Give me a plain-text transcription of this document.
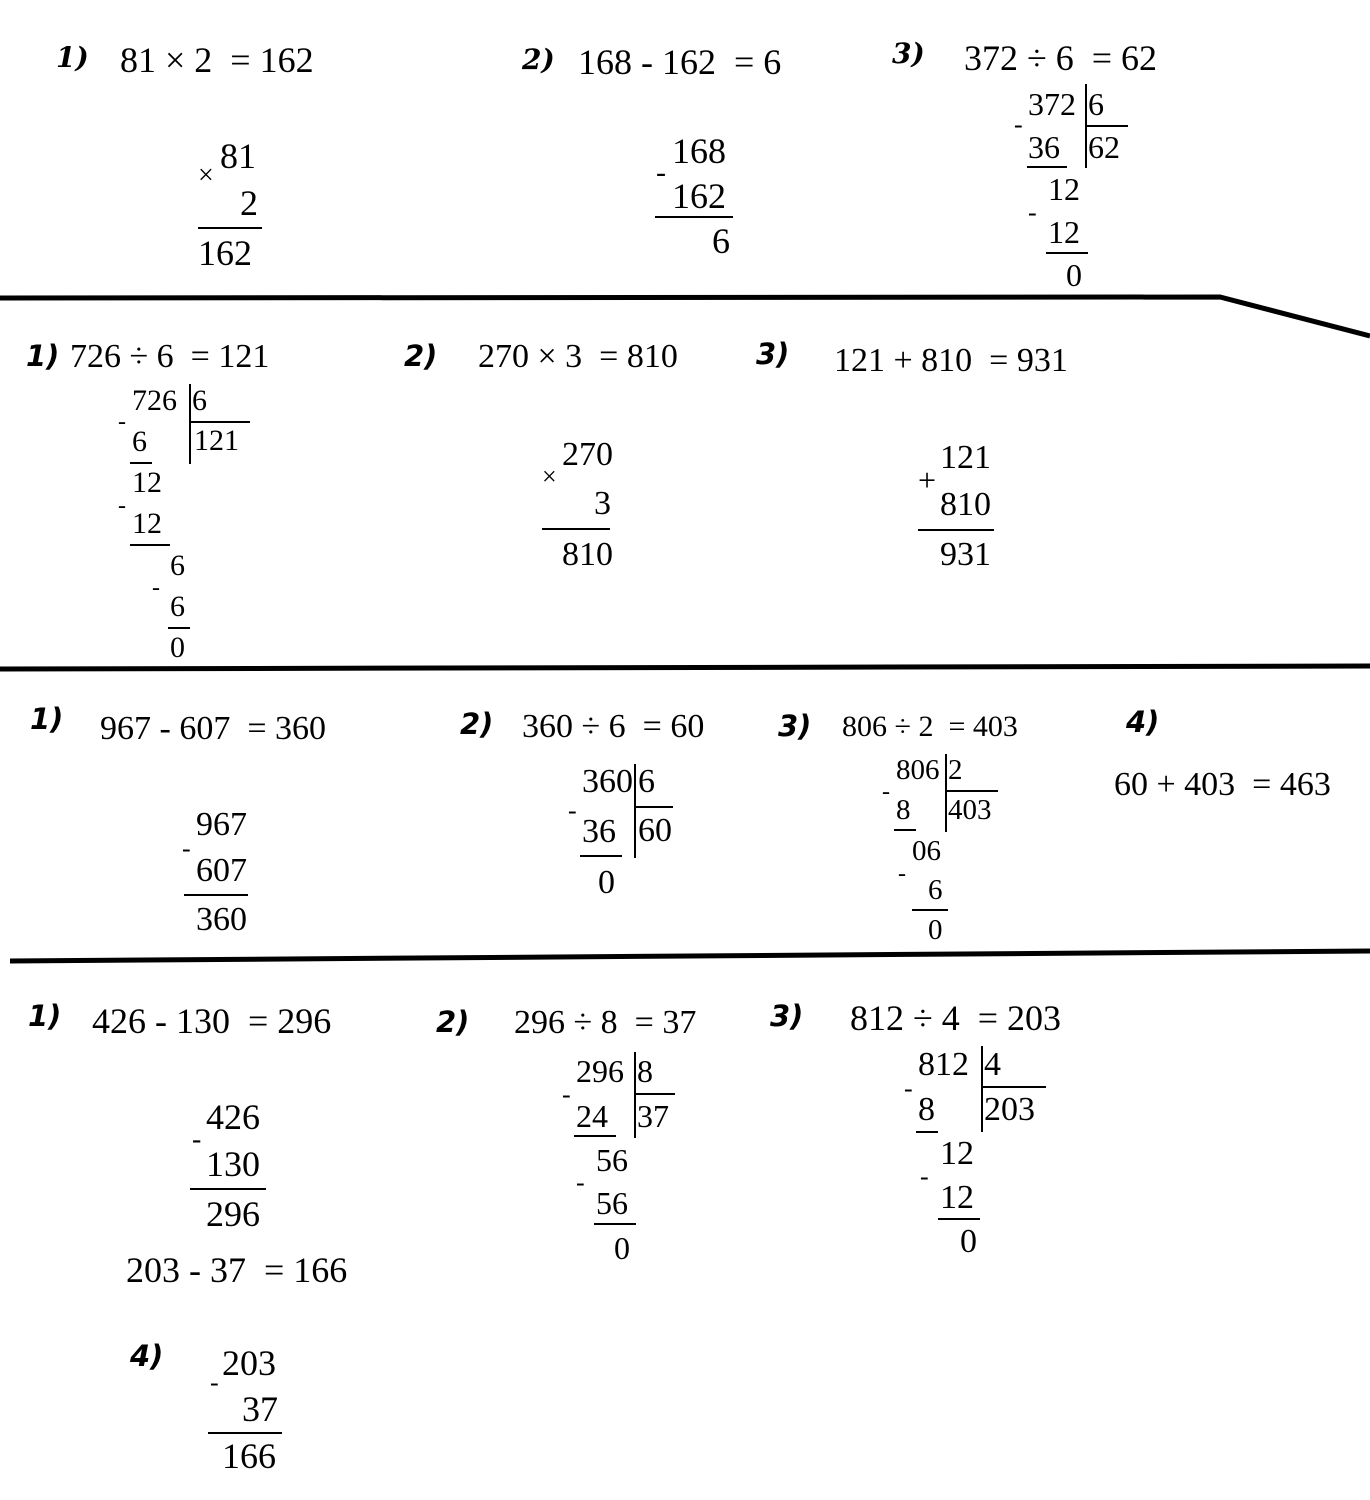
1) 81 × 2  = 162
81
×
2
162
2) 168 - 162  = 6
168
-
162
6
3) 372 ÷ 6  = 62
372 6
62
-
36
12
-
12
0
1) 726 ÷ 6  = 121
726 6
121
-
6
12
-
12
6
-
6
0
2) 270 × 3  = 810
270
×
3
810
3) 121 + 810  = 931
121
+
810
931
1) 967 - 607  = 360
967
-
607
360
2) 360 ÷ 6  = 60
360 6
60
-
36
0
3) 806 ÷ 2  = 403
806 2
403
-
8
06
- 6
0
4)
60 + 403  = 463
1) 426 - 130  = 296
426
-
130
296
203 - 37  = 166
2) 296 ÷ 8  = 37
296 8
37
-
24
56
-
56
0
3) 812 ÷ 4  = 203
812 4
203
-
8
12
-
12
0
4) 203
-
37
166
